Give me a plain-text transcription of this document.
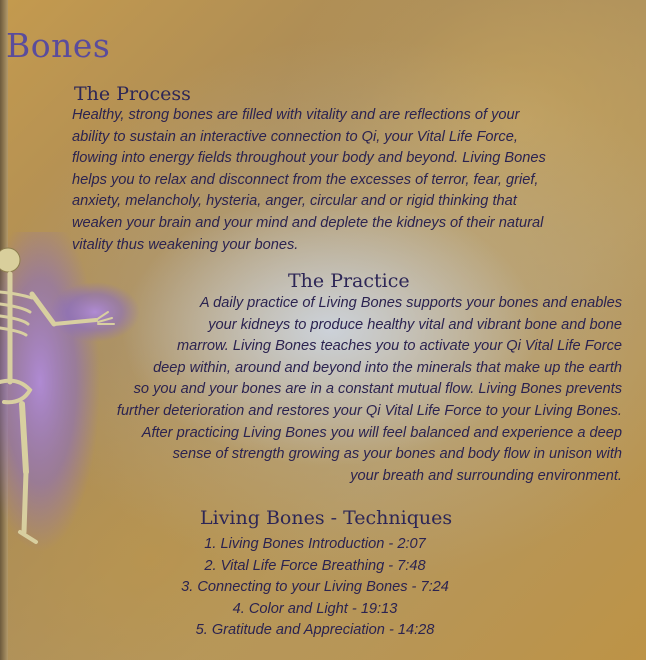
Bones
The Process
Healthy, strong bones are filled with vitality and are reflections of your
ability to sustain an interactive connection to Qi, your Vital Life Force,
flowing into energy fields throughout your body and beyond. Living Bones
helps you to relax and disconnect from the excesses of terror, fear, grief,
anxiety, melancholy, hysteria, anger, circular and or rigid thinking that
weaken your brain and your mind and deplete the kidneys of their natural
vitality thus weakening your bones.
The Practice
A daily practice of Living Bones supports your bones and enables
your kidneys to produce healthy vital and vibrant bone and bone
marrow. Living Bones teaches you to activate your Qi Vital Life Force
deep within, around and beyond into the minerals that make up the earth
so you and your bones are in a constant mutual flow. Living Bones prevents
further deterioration and restores your Qi Vital Life Force to your Living Bones.
After practicing Living Bones you will feel balanced and experience a deep
sense of strength growing as your bones and body flow in unison with
your breath and surrounding environment.
Living Bones - Techniques
1. Living Bones Introduction - 2:07
2. Vital Life Force Breathing - 7:48
3. Connecting to your Living Bones - 7:24
4. Color and Light - 19:13
5. Gratitude and Appreciation - 14:28
